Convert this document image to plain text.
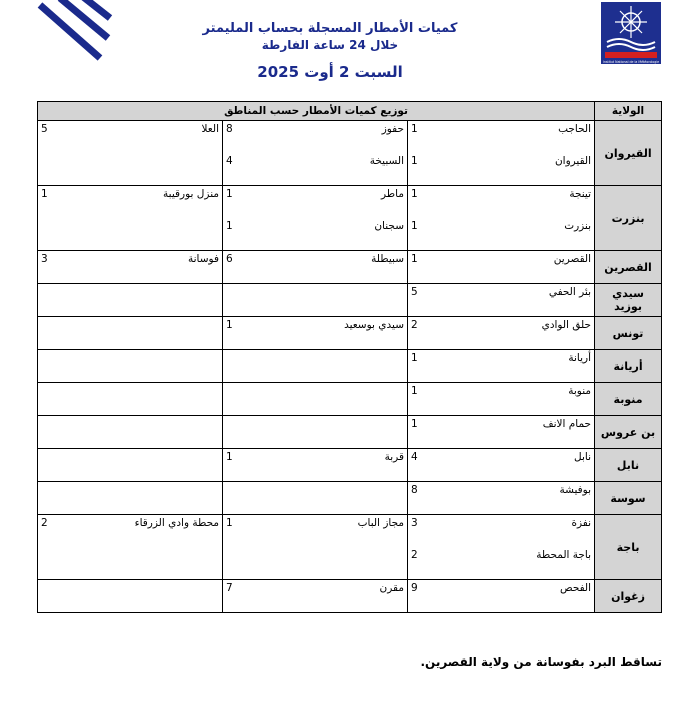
Institut National de la Météorologie
كميات الأمطار المسجلة بحساب المليمتر
خلال 24 ساعة الفارطة
السبت 2 أوت 2025
توزيع كميات الأمطار حسب المناطق						الولاية
5	العلا	8	حفوز	1	الحاجب	القيروان
		4	السبيخة	1	القيروان	
1	منزل بورقيبة	1	ماطر	1	تينجة	بنزرت
		1	سجنان	1	بنزرت	
3	فوسانة	6	سبيطلة	1	القصرين	القصرين
				5	بئر الحفي	سيدي بوزيد
		1	سيدي بوسعيد	2	حلق الوادي	تونس
				1	أريانة	أريانة
				1	منوبة	منوبة
				1	حمام الانف	بن عروس
		1	قربة	4	نابل	نابل
				8	بوفيشة	سوسة
2	محطة وادي الزرقاء	1	مجاز الباب	3	نفزة	باجة
				2	باجة المحطة	
		7	مقرن	9	الفحص	زغوان
تساقط البرد بفوسانة من ولاية القصرين.
